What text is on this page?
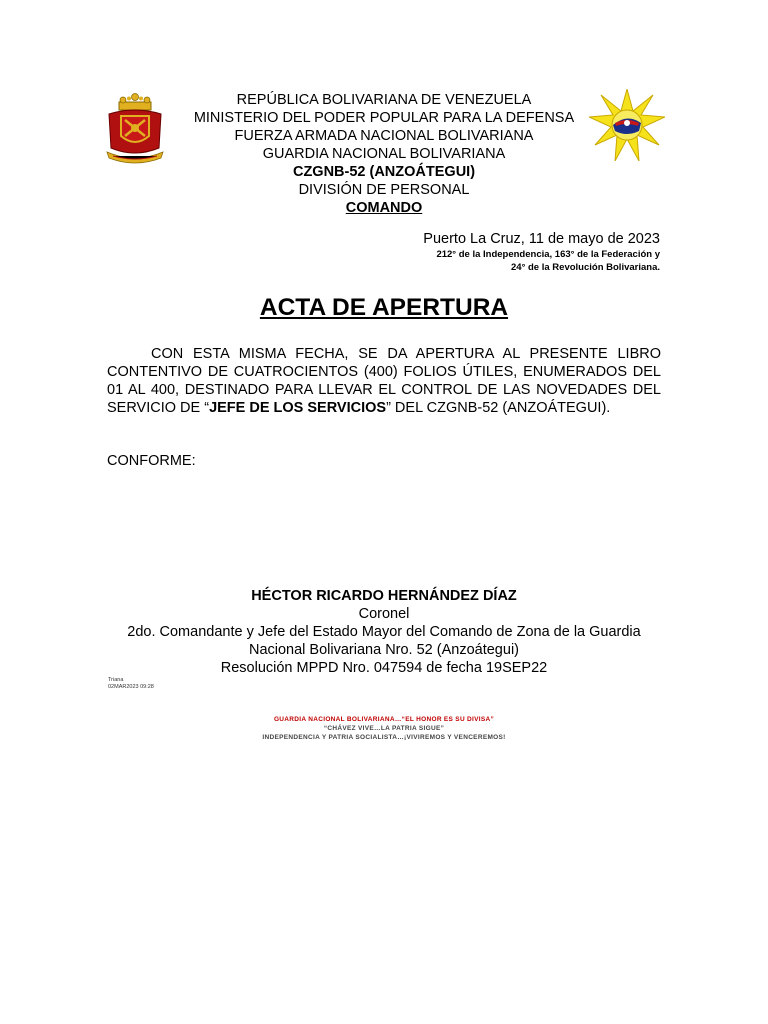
REPÚBLICA BOLIVARIANA DE VENEZUELA
MINISTERIO DEL PODER POPULAR PARA LA DEFENSA
FUERZA ARMADA NACIONAL BOLIVARIANA
GUARDIA NACIONAL BOLIVARIANA
CZGNB-52 (ANZOÁTEGUI)
DIVISIÓN DE PERSONAL
COMANDO
Puerto La Cruz, 11 de mayo de 2023
212° de la Independencia, 163° de la Federación y
24° de la Revolución Bolivariana.
ACTA DE APERTURA
CON ESTA MISMA FECHA, SE DA APERTURA AL PRESENTE LIBRO CONTENTIVO DE CUATROCIENTOS (400) FOLIOS ÚTILES, ENUMERADOS DEL 01 AL 400, DESTINADO PARA LLEVAR EL CONTROL DE LAS NOVEDADES DEL SERVICIO DE “JEFE DE LOS SERVICIOS” DEL CZGNB-52 (ANZOÁTEGUI).
CONFORME:
HÉCTOR RICARDO HERNÁNDEZ DÍAZ
Coronel
2do. Comandante y Jefe del Estado Mayor del Comando de Zona de la Guardia
Nacional Bolivariana Nro. 52 (Anzoátegui)
Resolución MPPD Nro. 047594 de fecha 19SEP22
Triana
02MAR2023 09:28
GUARDIA NACIONAL BOLIVARIANA…“EL HONOR ES SU DIVISA”
“CHÁVEZ VIVE…LA PATRIA SIGUE”
INDEPENDENCIA Y PATRIA SOCIALISTA…¡VIVIREMOS Y VENCEREMOS!
